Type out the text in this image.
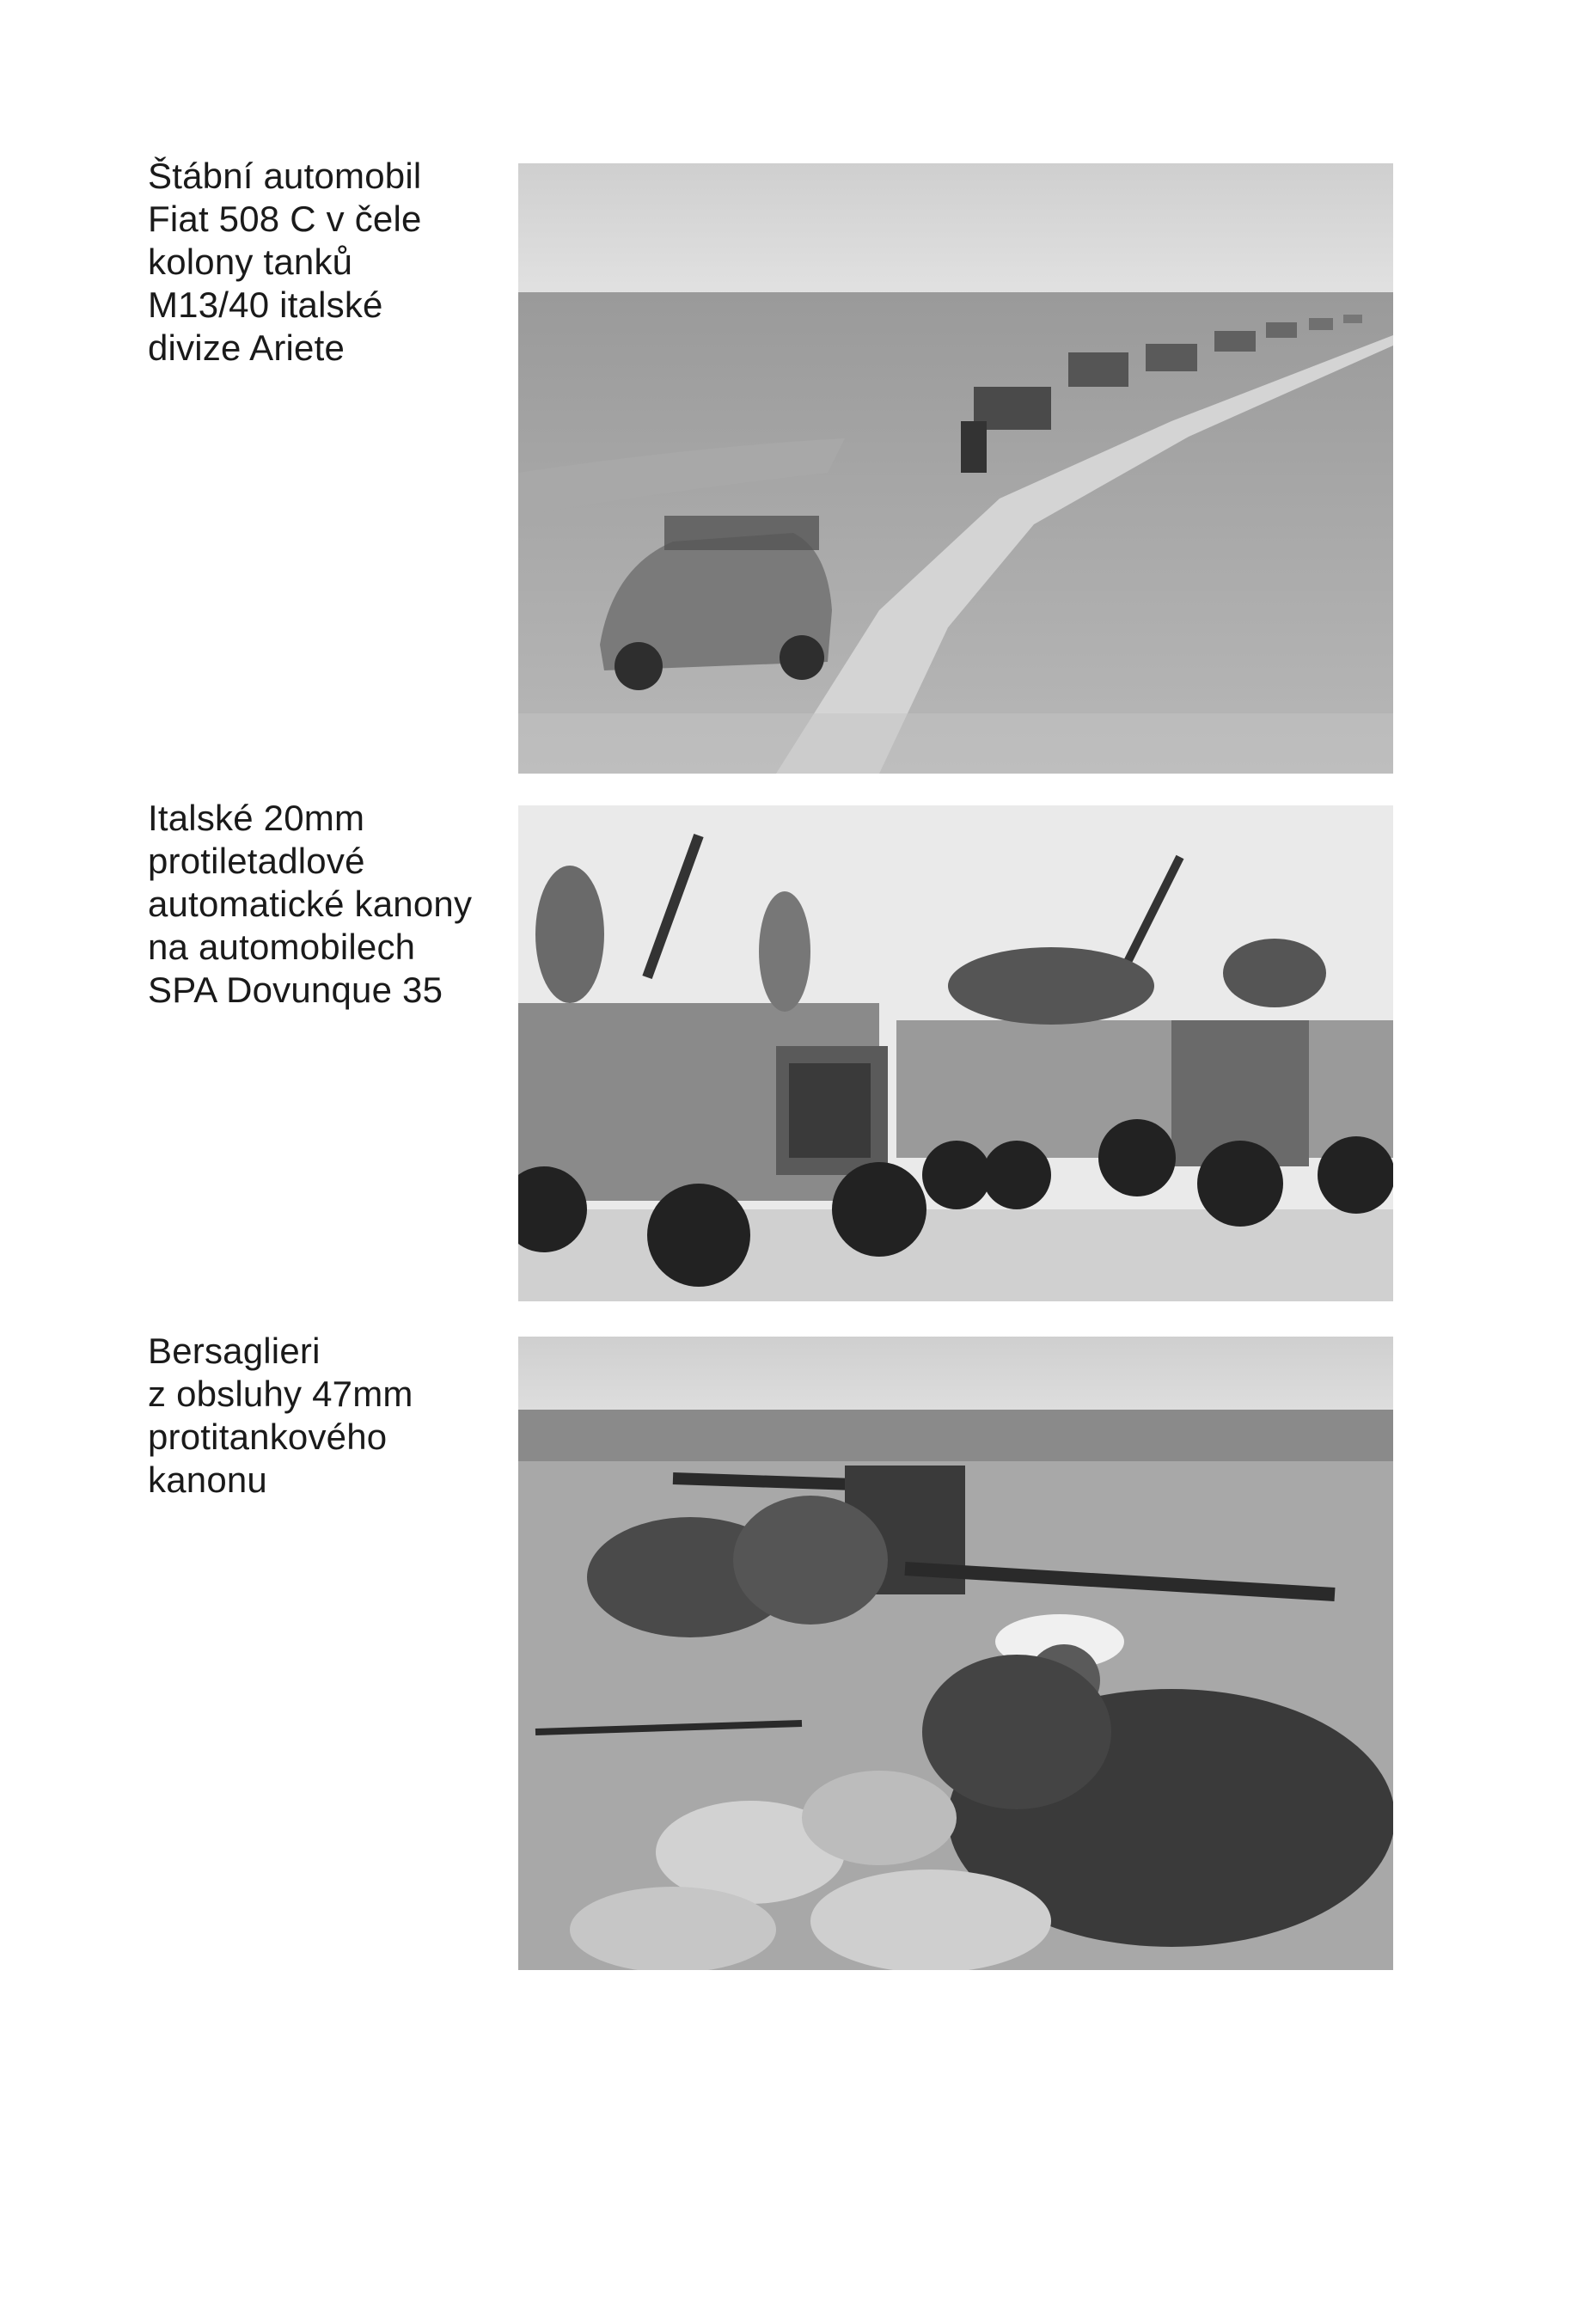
Štábní automobil
Fiat 508 C v čele
kolony tanků
M13/40 italské
divize Ariete
Italské 20mm
protiletadlové
automatické kanony
na automobilech
SPA Dovunque 35
Bersaglieri
z obsluhy 47mm
protitankového
kanonu
